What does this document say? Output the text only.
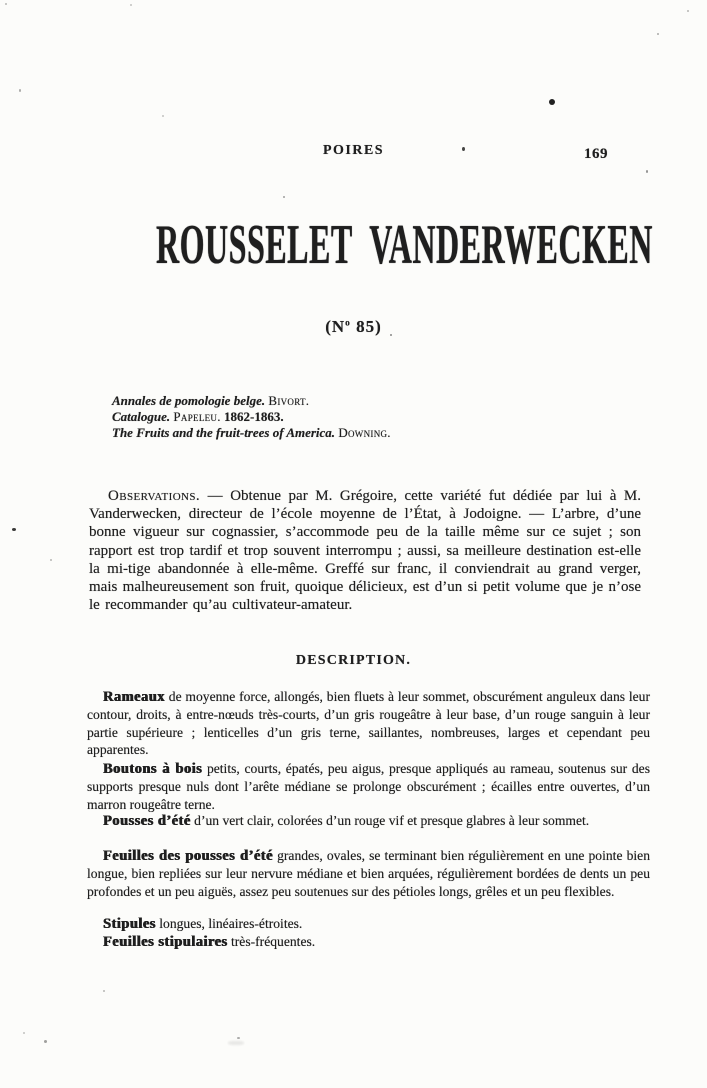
POIRES	169
ROUSSELET VANDERWECKEN
($N^o$ 85)
Annales de pomologie belge. Bivort.
Catalogue. Papeleu. 1862-1863.
The Fruits and the fruit-trees of America. Downing.

Observations. — Obtenue par M. Grégoire, cette variété fut dédiée par lui à M. Vanderwecken, directeur de l’école moyenne de l’État, à Jodoigne. — L’arbre, d’une bonne vigueur sur cognassier, s’accommode peu de la taille même sur ce sujet ; son rapport est trop tardif et trop souvent interrompu ; aussi, sa meilleure destination est-elle la mi-tige abandonnée à elle-même. Greffé sur franc, il conviendrait au grand verger, mais malheureusement son fruit, quoique délicieux, est d’un si petit volume que je n’ose le recommander qu’au cultivateur-amateur.

DESCRIPTION.

Rameaux de moyenne force, allongés, bien fluets à leur sommet, obscurément anguleux dans leur contour, droits, à entre-nœuds très-courts, d’un gris rougeâtre à leur base, d’un rouge sanguin à leur partie supérieure ; lenticelles d’un gris terne, saillantes, nombreuses, larges et cependant peu apparentes.

Boutons à bois petits, courts, épatés, peu aigus, presque appliqués au rameau, soutenus sur des supports presque nuls dont l’arête médiane se prolonge obscurément ; écailles entre ouvertes, d’un marron rougeâtre terne.

Pousses d’été d’un vert clair, colorées d’un rouge vif et presque glabres à leur sommet.

Feuilles des pousses d’été grandes, ovales, se terminant bien régulièrement en une pointe bien longue, bien repliées sur leur nervure médiane et bien arquées, régulièrement bordées de dents un peu profondes et un peu aiguës, assez peu soutenues sur des pétioles longs, grêles et un peu flexibles.

Stipules longues, linéaires-étroites.

Feuilles stipulaires très-fréquentes.
